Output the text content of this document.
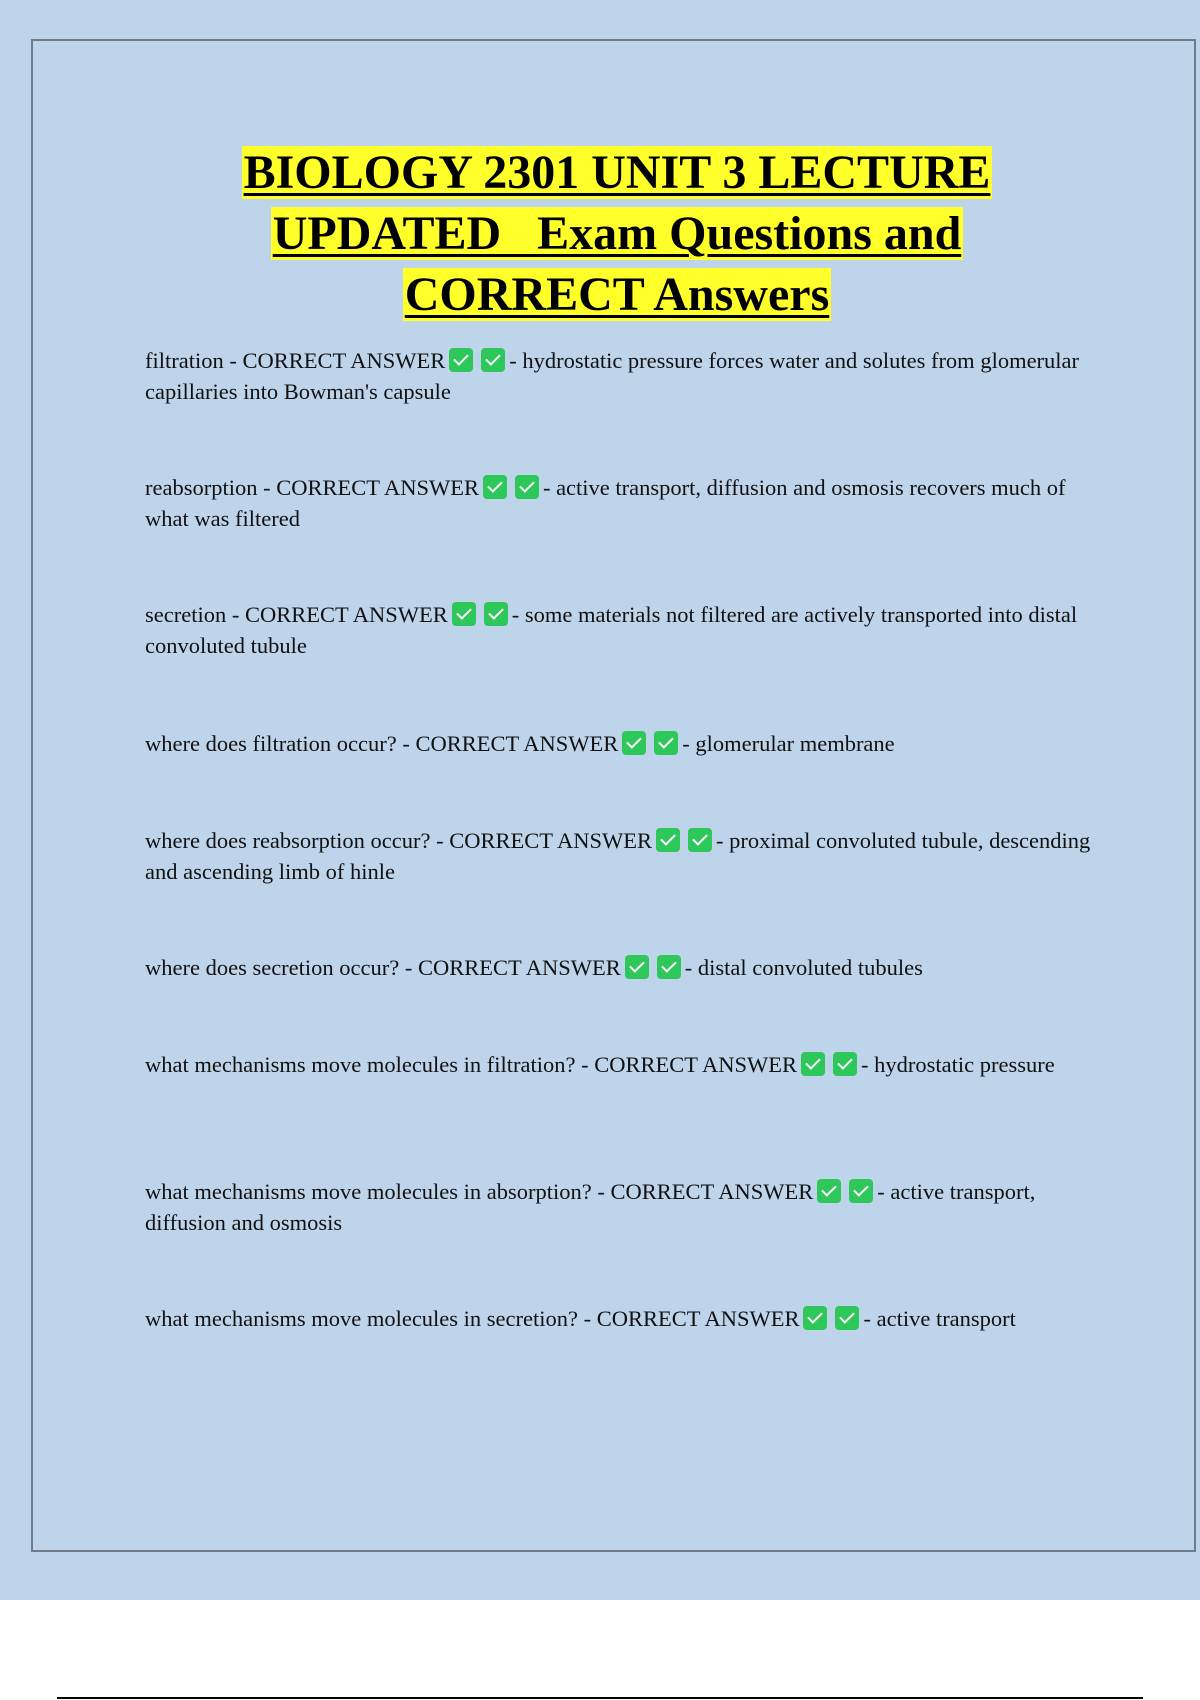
BIOLOGY 2301 UNIT 3 LECTURE
UPDATED   Exam Questions and
CORRECT Answers

filtration - CORRECT ANSWER	- hydrostatic pressure forces water and solutes from glomerular capillaries into Bowman's capsule

reabsorption - CORRECT ANSWER	- active transport, diffusion and osmosis recovers much of what was filtered

secretion - CORRECT ANSWER	- some materials not filtered are actively transported into distal convoluted tubule

where does filtration occur? - CORRECT ANSWER	- glomerular membrane

where does reabsorption occur? - CORRECT ANSWER	- proximal convoluted tubule, descending and ascending limb of hinle

where does secretion occur? - CORRECT ANSWER	- distal convoluted tubules

what mechanisms move molecules in filtration? - CORRECT ANSWER	- hydrostatic pressure

what mechanisms move molecules in absorption? - CORRECT ANSWER	- active transport, diffusion and osmosis

what mechanisms move molecules in secretion? - CORRECT ANSWER	- active transport
